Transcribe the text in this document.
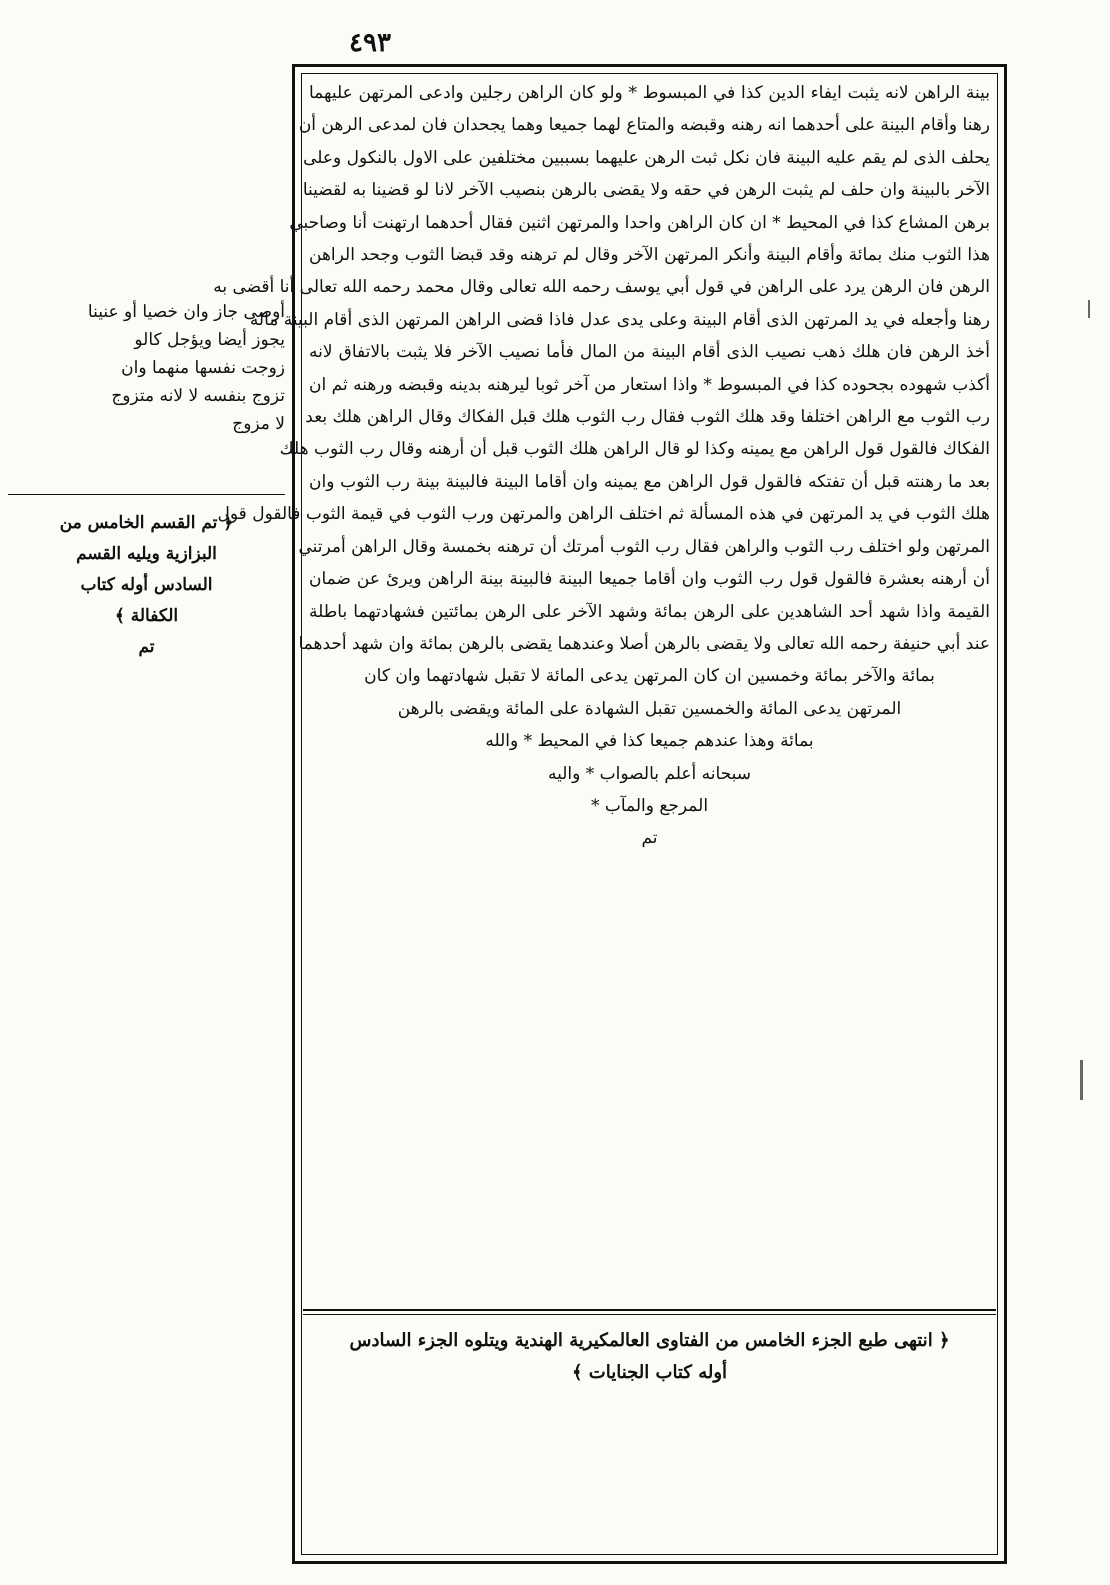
٤٩٣
أوصى جاز وان خصيا أو عنينا
يجوز أيضا ويؤجل كالو
زوجت نفسها منهما وان
تزوج بنفسه لا لانه متزوج
لا مزوج
﴿ تم القسم الخامس من
البزازية ويليه القسم
السادس أوله كتاب
الكفالة ﴾
تم
بينة الراهن لانه يثبت ايفاء الدين كذا في المبسوط * ولو كان الراهن رجلين وادعى المرتهن عليهما
رهنا وأقام البينة على أحدهما انه رهنه وقبضه والمتاع لهما جميعا وهما يجحدان فان لمدعى الرهن أن
يحلف الذى لم يقم عليه البينة فان نكل ثبت الرهن عليهما بسببين مختلفين على الاول بالنكول وعلى
الآخر بالبينة وان حلف لم يثبت الرهن في حقه ولا يقضى بالرهن بنصيب الآخر لانا لو قضينا به لقضينا
برهن المشاع كذا في المحيط * ان كان الراهن واحدا والمرتهن اثنين فقال أحدهما ارتهنت أنا وصاحبي
هذا الثوب منك بمائة وأقام البينة وأنكر المرتهن الآخر وقال لم ترهنه وقد قبضا الثوب وجحد الراهن
الرهن فان الرهن يرد على الراهن في قول أبي يوسف رحمه الله تعالى وقال محمد رحمه الله تعالى أنا أقضى به
رهنا وأجعله في يد المرتهن الذى أقام البينة وعلى يدى عدل فاذا قضى الراهن المرتهن الذى أقام البينة ماله
أخذ الرهن فان هلك ذهب نصيب الذى أقام البينة من المال فأما نصيب الآخر فلا يثبت بالاتفاق لانه
أكذب شهوده بجحوده كذا في المبسوط * واذا استعار من آخر ثوبا ليرهنه بدينه وقبضه ورهنه ثم ان
رب الثوب مع الراهن اختلفا وقد هلك الثوب فقال رب الثوب هلك قبل الفكاك وقال الراهن هلك بعد
الفكاك فالقول قول الراهن مع يمينه وكذا لو قال الراهن هلك الثوب قبل أن أرهنه وقال رب الثوب هلك
بعد ما رهنته قبل أن تفتكه فالقول قول الراهن مع يمينه وان أقاما البينة فالبينة بينة رب الثوب وان
هلك الثوب في يد المرتهن في هذه المسألة ثم اختلف الراهن والمرتهن ورب الثوب في قيمة الثوب فالقول قول
المرتهن ولو اختلف رب الثوب والراهن فقال رب الثوب أمرتك أن ترهنه بخمسة وقال الراهن أمرتني
أن أرهنه بعشرة فالقول قول رب الثوب وان أقاما جميعا البينة فالبينة بينة الراهن ويرئ عن ضمان
القيمة واذا شهد أحد الشاهدين على الرهن بمائة وشهد الآخر على الرهن بمائتين فشهادتهما باطلة
عند أبي حنيفة رحمه الله تعالى ولا يقضى بالرهن أصلا وعندهما يقضى بالرهن بمائة وان شهد أحدهما
بمائة والآخر بمائة وخمسين ان كان المرتهن يدعى المائة لا تقبل شهادتهما وان كان
المرتهن يدعى المائة والخمسين تقبل الشهادة على المائة ويقضى بالرهن
بمائة وهذا عندهم جميعا كذا في المحيط * والله
سبحانه أعلم بالصواب * واليه
المرجع والمآب *
تم
﴿ انتهى طبع الجزء الخامس من الفتاوى العالمكيرية الهندية ويتلوه الجزء السادس
أوله كتاب الجنايات ﴾
